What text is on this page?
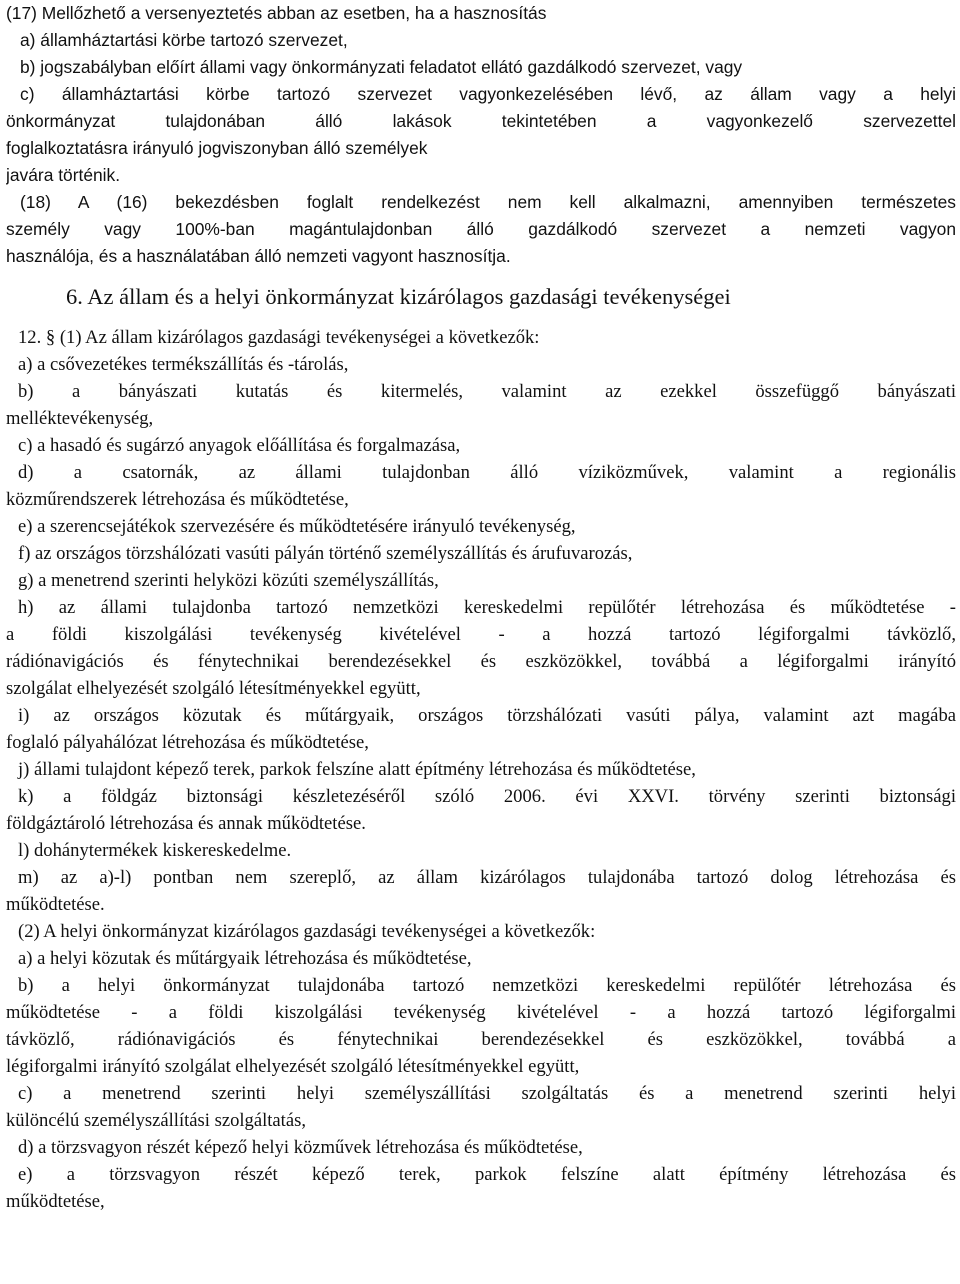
(17) Mellőzhető a versenyeztetés abban az esetben, ha a hasznosítás
a) államháztartási körbe tartozó szervezet,
b) jogszabályban előírt állami vagy önkormányzati feladatot ellátó gazdálkodó szervezet, vagy
c) államháztartási körbe tartozó szervezet vagyonkezelésében lévő, az állam vagy a helyi
önkormányzat tulajdonában álló lakások tekintetében a vagyonkezelő szervezettel
foglalkoztatásra irányuló jogviszonyban álló személyek
javára történik.
(18) A (16) bekezdésben foglalt rendelkezést nem kell alkalmazni, amennyiben természetes
személy vagy 100%-ban magántulajdonban álló gazdálkodó szervezet a nemzeti vagyon
használója, és a használatában álló nemzeti vagyont hasznosítja.
6. Az állam és a helyi önkormányzat kizárólagos gazdasági tevékenységei
12. § (1) Az állam kizárólagos gazdasági tevékenységei a következők:
a) a csővezetékes termékszállítás és -tárolás,
b) a bányászati kutatás és kitermelés, valamint az ezekkel összefüggő bányászati
melléktevékenység,
c) a hasadó és sugárzó anyagok előállítása és forgalmazása,
d) a csatornák, az állami tulajdonban álló víziközművek, valamint a regionális
közműrendszerek létrehozása és működtetése,
e) a szerencsejátékok szervezésére és működtetésére irányuló tevékenység,
f) az országos törzshálózati vasúti pályán történő személyszállítás és árufuvarozás,
g) a menetrend szerinti helyközi közúti személyszállítás,
h) az állami tulajdonba tartozó nemzetközi kereskedelmi repülőtér létrehozása és működtetése -
a földi kiszolgálási tevékenység kivételével - a hozzá tartozó légiforgalmi távközlő,
rádiónavigációs és fénytechnikai berendezésekkel és eszközökkel, továbbá a légiforgalmi irányító
szolgálat elhelyezését szolgáló létesítményekkel együtt,
i) az országos közutak és műtárgyaik, országos törzshálózati vasúti pálya, valamint azt magába
foglaló pályahálózat létrehozása és működtetése,
j) állami tulajdont képező terek, parkok felszíne alatt építmény létrehozása és működtetése,
k) a földgáz biztonsági készletezéséről szóló 2006. évi XXVI. törvény szerinti biztonsági
földgáztároló létrehozása és annak működtetése.
l) dohánytermékek kiskereskedelme.
m) az a)-l) pontban nem szereplő, az állam kizárólagos tulajdonába tartozó dolog létrehozása és
működtetése.
(2) A helyi önkormányzat kizárólagos gazdasági tevékenységei a következők:
a) a helyi közutak és műtárgyaik létrehozása és működtetése,
b) a helyi önkormányzat tulajdonába tartozó nemzetközi kereskedelmi repülőtér létrehozása és
működtetése - a földi kiszolgálási tevékenység kivételével - a hozzá tartozó légiforgalmi
távközlő, rádiónavigációs és fénytechnikai berendezésekkel és eszközökkel, továbbá a
légiforgalmi irányító szolgálat elhelyezését szolgáló létesítményekkel együtt,
c) a menetrend szerinti helyi személyszállítási szolgáltatás és a menetrend szerinti helyi
különcélú személyszállítási szolgáltatás,
d) a törzsvagyon részét képező helyi közművek létrehozása és működtetése,
e) a törzsvagyon részét képező terek, parkok felszíne alatt építmény létrehozása és
működtetése,
